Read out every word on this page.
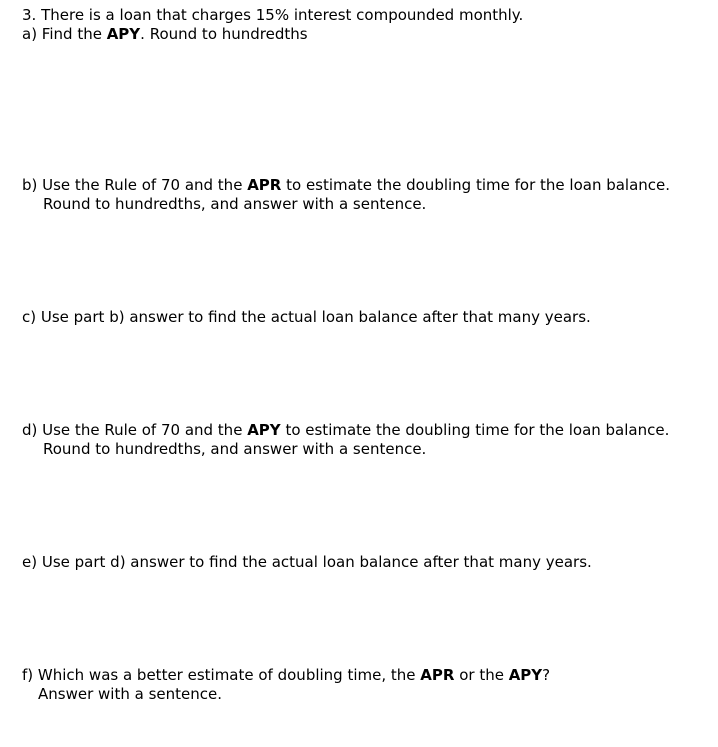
3. There is a loan that charges 15% interest compounded monthly.
a) Find the APY. Round to hundredths
b) Use the Rule of 70 and the APR to estimate the doubling time for the loan balance.
Round to hundredths, and answer with a sentence.
c) Use part b) answer to find the actual loan balance after that many years.
d) Use the Rule of 70 and the APY to estimate the doubling time for the loan balance.
Round to hundredths, and answer with a sentence.
e) Use part d) answer to find the actual loan balance after that many years.
f) Which was a better estimate of doubling time, the APR or the APY?
Answer with a sentence.
